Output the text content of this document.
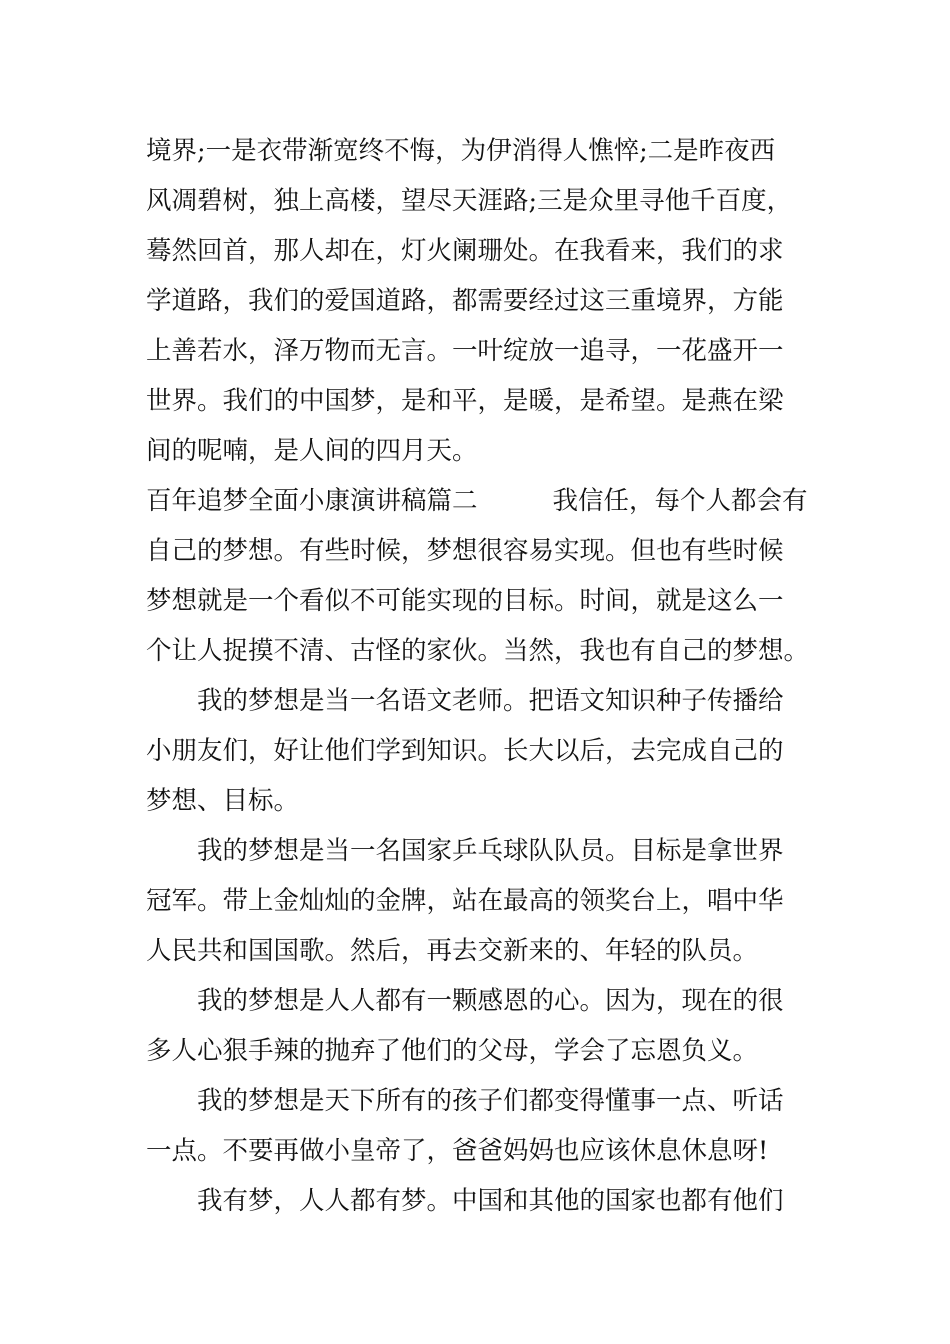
境界;一是衣带渐宽终不悔，为伊消得人憔悴;二是昨夜西
风凋碧树，独上高楼，望尽天涯路;三是众里寻他千百度，
蓦然回首，那人却在，灯火阑珊处。在我看来，我们的求
学道路，我们的爱国道路，都需要经过这三重境界，方能
上善若水，泽万物而无言。一叶绽放一追寻，一花盛开一
世界。我们的中国梦，是和平，是暖，是希望。是燕在梁
间的呢喃，是人间的四月天。
百年追梦全面小康演讲稿篇二	我信任，每个人都会有
自己的梦想。有些时候，梦想很容易实现。但也有些时候
梦想就是一个看似不可能实现的目标。时间，就是这么一
个让人捉摸不清、古怪的家伙。当然，我也有自己的梦想。
我的梦想是当一名语文老师。把语文知识种子传播给
小朋友们，好让他们学到知识。长大以后，去完成自己的
梦想、目标。
我的梦想是当一名国家乒乓球队队员。目标是拿世界
冠军。带上金灿灿的金牌，站在最高的领奖台上，唱中华
人民共和国国歌。然后，再去交新来的、年轻的队员。
我的梦想是人人都有一颗感恩的心。因为，现在的很
多人心狠手辣的抛弃了他们的父母，学会了忘恩负义。
我的梦想是天下所有的孩子们都变得懂事一点、听话
一点。不要再做小皇帝了，爸爸妈妈也应该休息休息呀!
我有梦，人人都有梦。中国和其他的国家也都有他们
